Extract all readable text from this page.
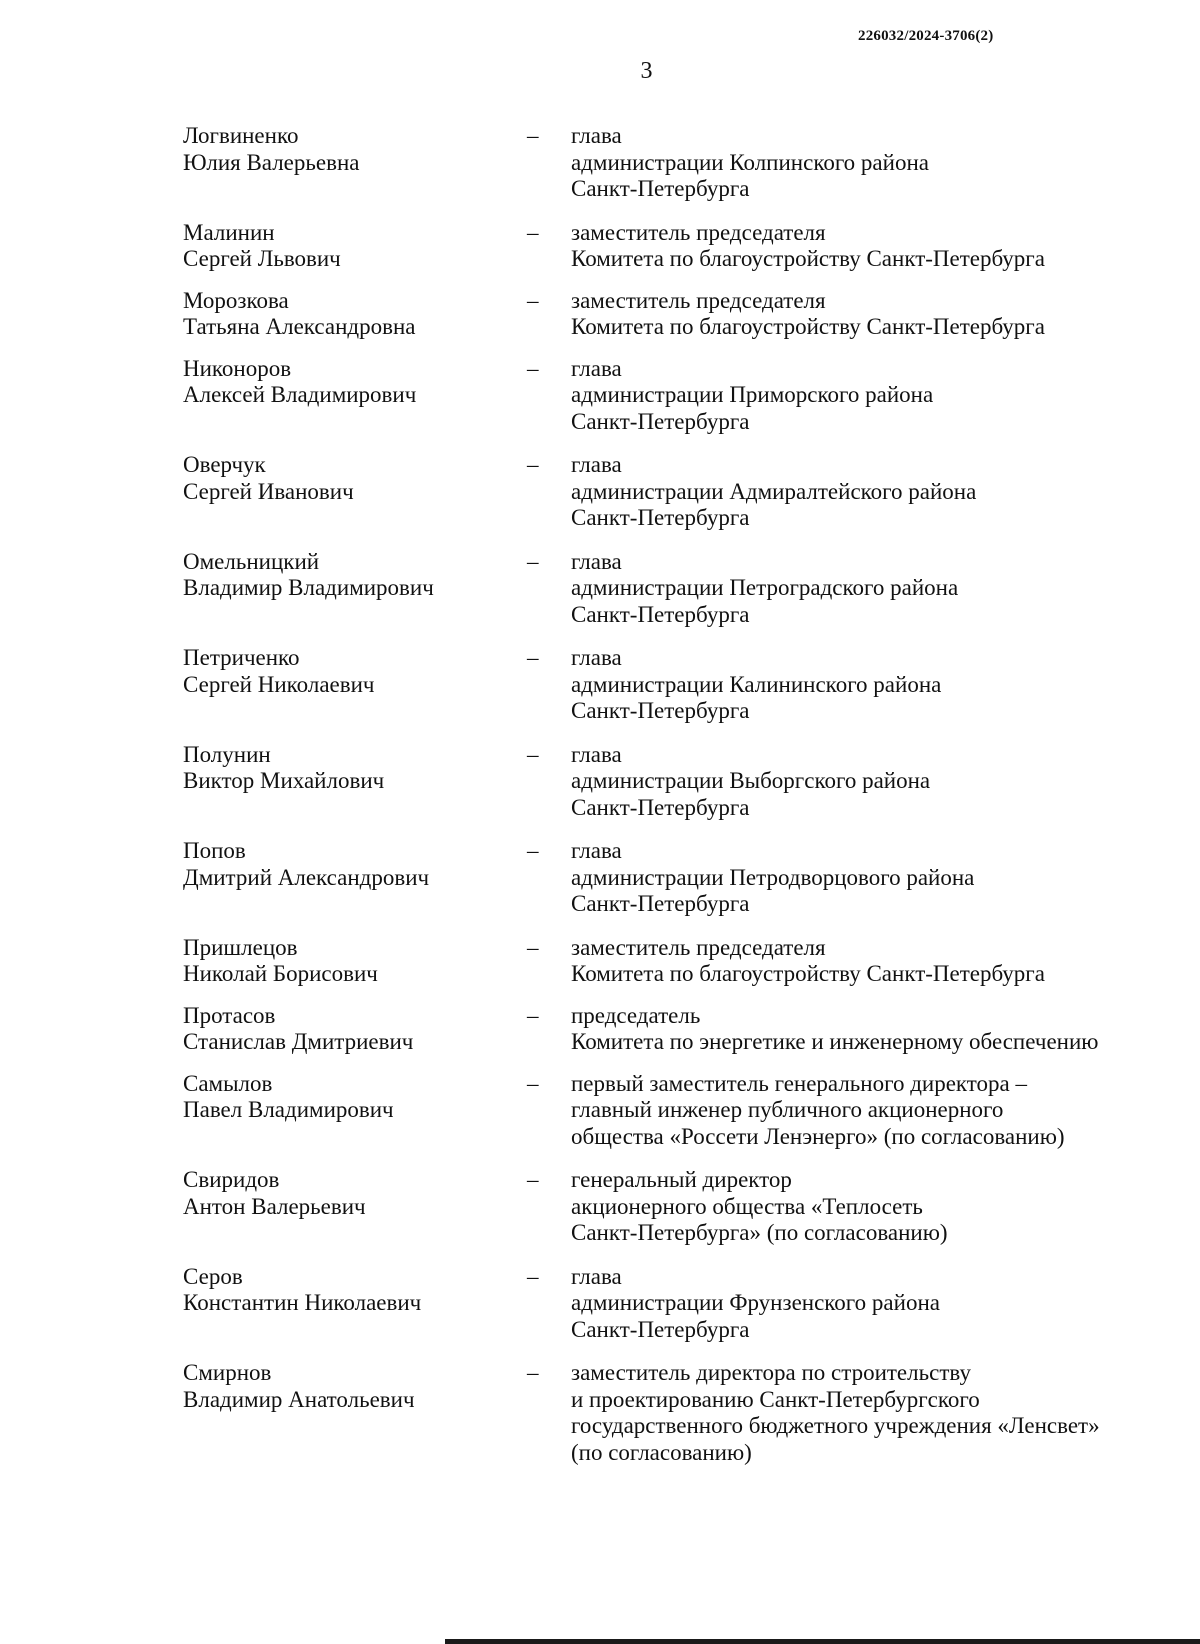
226032/2024-3706(2)
3
Логвиненко
Юлия Валерьевна
– глава
администрации Колпинского района
Санкт-Петербурга
Малинин
Сергей Львович
– заместитель председателя
Комитета по благоустройству Санкт-Петербурга
Морозкова
Татьяна Александровна
– заместитель председателя
Комитета по благоустройству Санкт-Петербурга
Никоноров
Алексей Владимирович
– глава
администрации Приморского района
Санкт-Петербурга
Оверчук
Сергей Иванович
– глава
администрации Адмиралтейского района
Санкт-Петербурга
Омельницкий
Владимир Владимирович
– глава
администрации Петроградского района
Санкт-Петербурга
Петриченко
Сергей Николаевич
– глава
администрации Калининского района
Санкт-Петербурга
Полунин
Виктор Михайлович
– глава
администрации Выборгского района
Санкт-Петербурга
Попов
Дмитрий Александрович
– глава
администрации Петродворцового района
Санкт-Петербурга
Пришлецов
Николай Борисович
– заместитель председателя
Комитета по благоустройству Санкт-Петербурга
Протасов
Станислав Дмитриевич
– председатель
Комитета по энергетике и инженерному обеспечению
Самылов
Павел Владимирович
– первый заместитель генерального директора –
главный инженер публичного акционерного
общества «Россети Ленэнерго» (по согласованию)
Свиридов
Антон Валерьевич
– генеральный директор
акционерного общества «Теплосеть
Санкт-Петербурга» (по согласованию)
Серов
Константин Николаевич
– глава
администрации Фрунзенского района
Санкт-Петербурга
Смирнов
Владимир Анатольевич
– заместитель директора по строительству
и проектированию Санкт-Петербургского
государственного бюджетного учреждения «Ленсвет»
(по согласованию)
